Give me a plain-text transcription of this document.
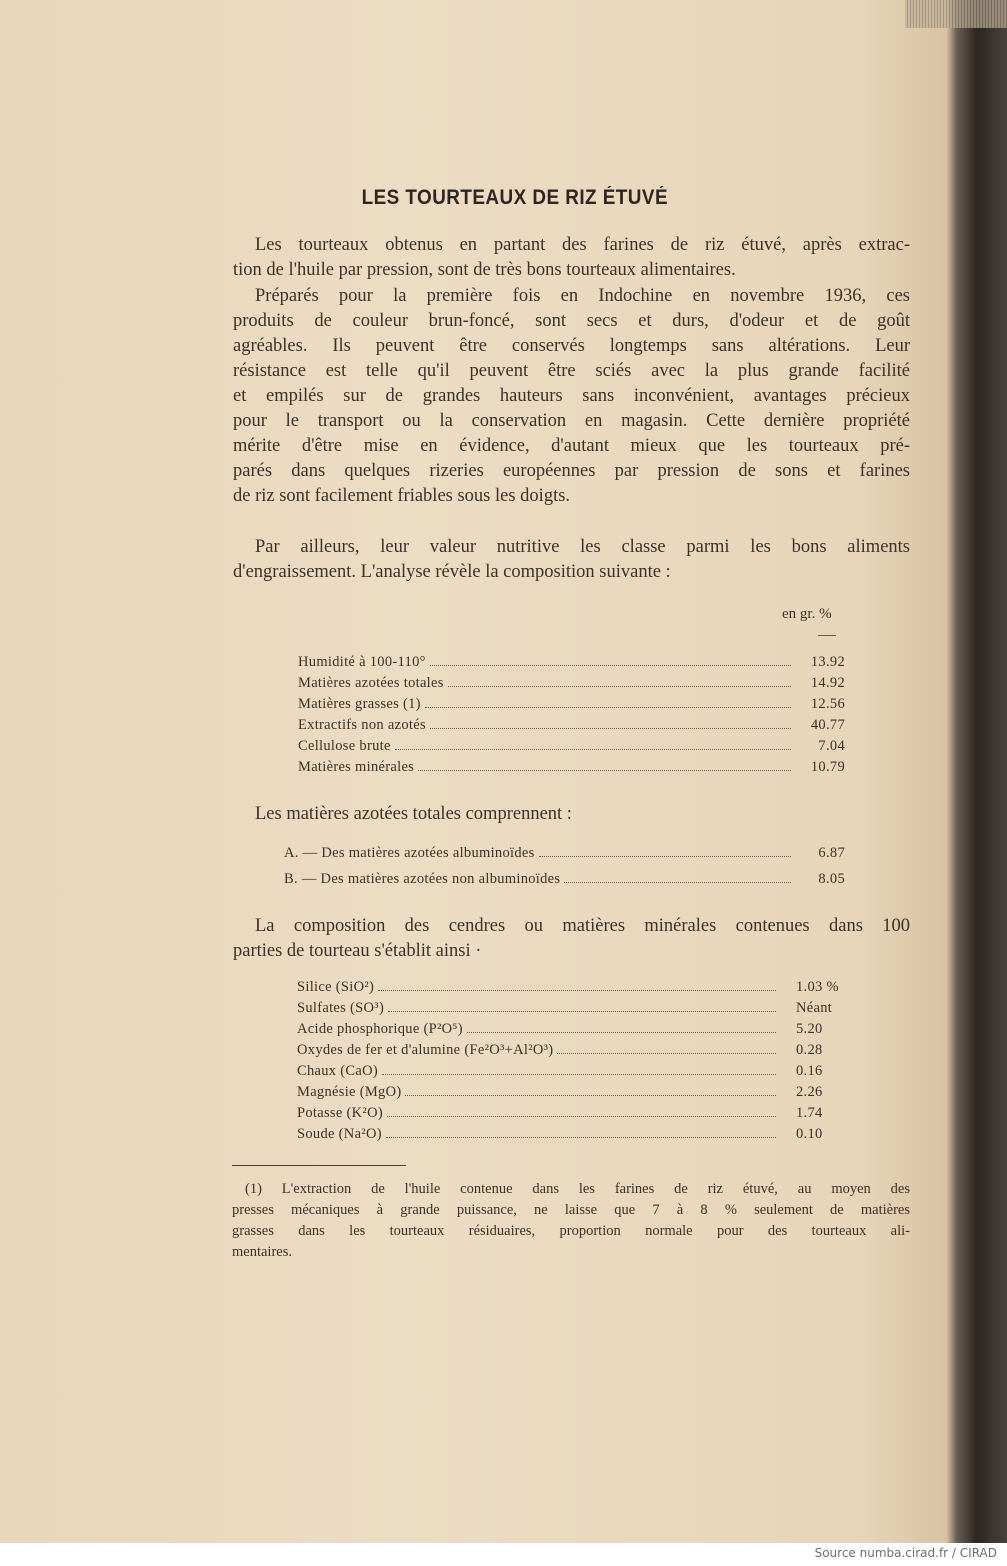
LES TOURTEAUX DE RIZ ÉTUVÉ
Les tourteaux obtenus en partant des farines de riz étuvé, après extrac-
tion de l'huile par pression, sont de très bons tourteaux alimentaires.
Préparés pour la première fois en Indochine en novembre 1936, ces
produits de couleur brun-foncé, sont secs et durs, d'odeur et de goût
agréables. Ils peuvent être conservés longtemps sans altérations. Leur
résistance est telle qu'il peuvent être sciés avec la plus grande facilité
et empilés sur de grandes hauteurs sans inconvénient, avantages précieux
pour le transport ou la conservation en magasin. Cette dernière propriété
mérite d'être mise en évidence, d'autant mieux que les tourteaux pré-
parés dans quelques rizeries européennes par pression de sons et farines
de riz sont facilement friables sous les doigts.
Par ailleurs, leur valeur nutritive les classe parmi les bons aliments
d'engraissement. L'analyse révèle la composition suivante :
en gr. %
Humidité à 100-110°	13.92
Matières azotées totales	14.92
Matières grasses (1)	12.56
Extractifs non azotés	40.77
Cellulose brute	7.04
Matières minérales	10.79
Les matières azotées totales comprennent :
A. — Des matières azotées albuminoïdes	6.87
B. — Des matières azotées non albuminoïdes	8.05
La composition des cendres ou matières minérales contenues dans 100
parties de tourteau s'établit ainsi ·
Silice (SiO²)	1.03 %
Sulfates (SO³)	Néant
Acide phosphorique (P²O⁵)	5.20
Oxydes de fer et d'alumine (Fe²O³+Al²O³)	0.28
Chaux (CaO)	0.16
Magnésie (MgO)	2.26
Potasse (K²O)	1.74
Soude (Na²O)	0.10
(1) L'extraction de l'huile contenue dans les farines de riz étuvé, au moyen des
presses mécaniques à grande puissance, ne laisse que 7 à 8 % seulement de matières
grasses dans les tourteaux résiduaires, proportion normale pour des tourteaux ali-
mentaires.
Source numba.cirad.fr / CIRAD
